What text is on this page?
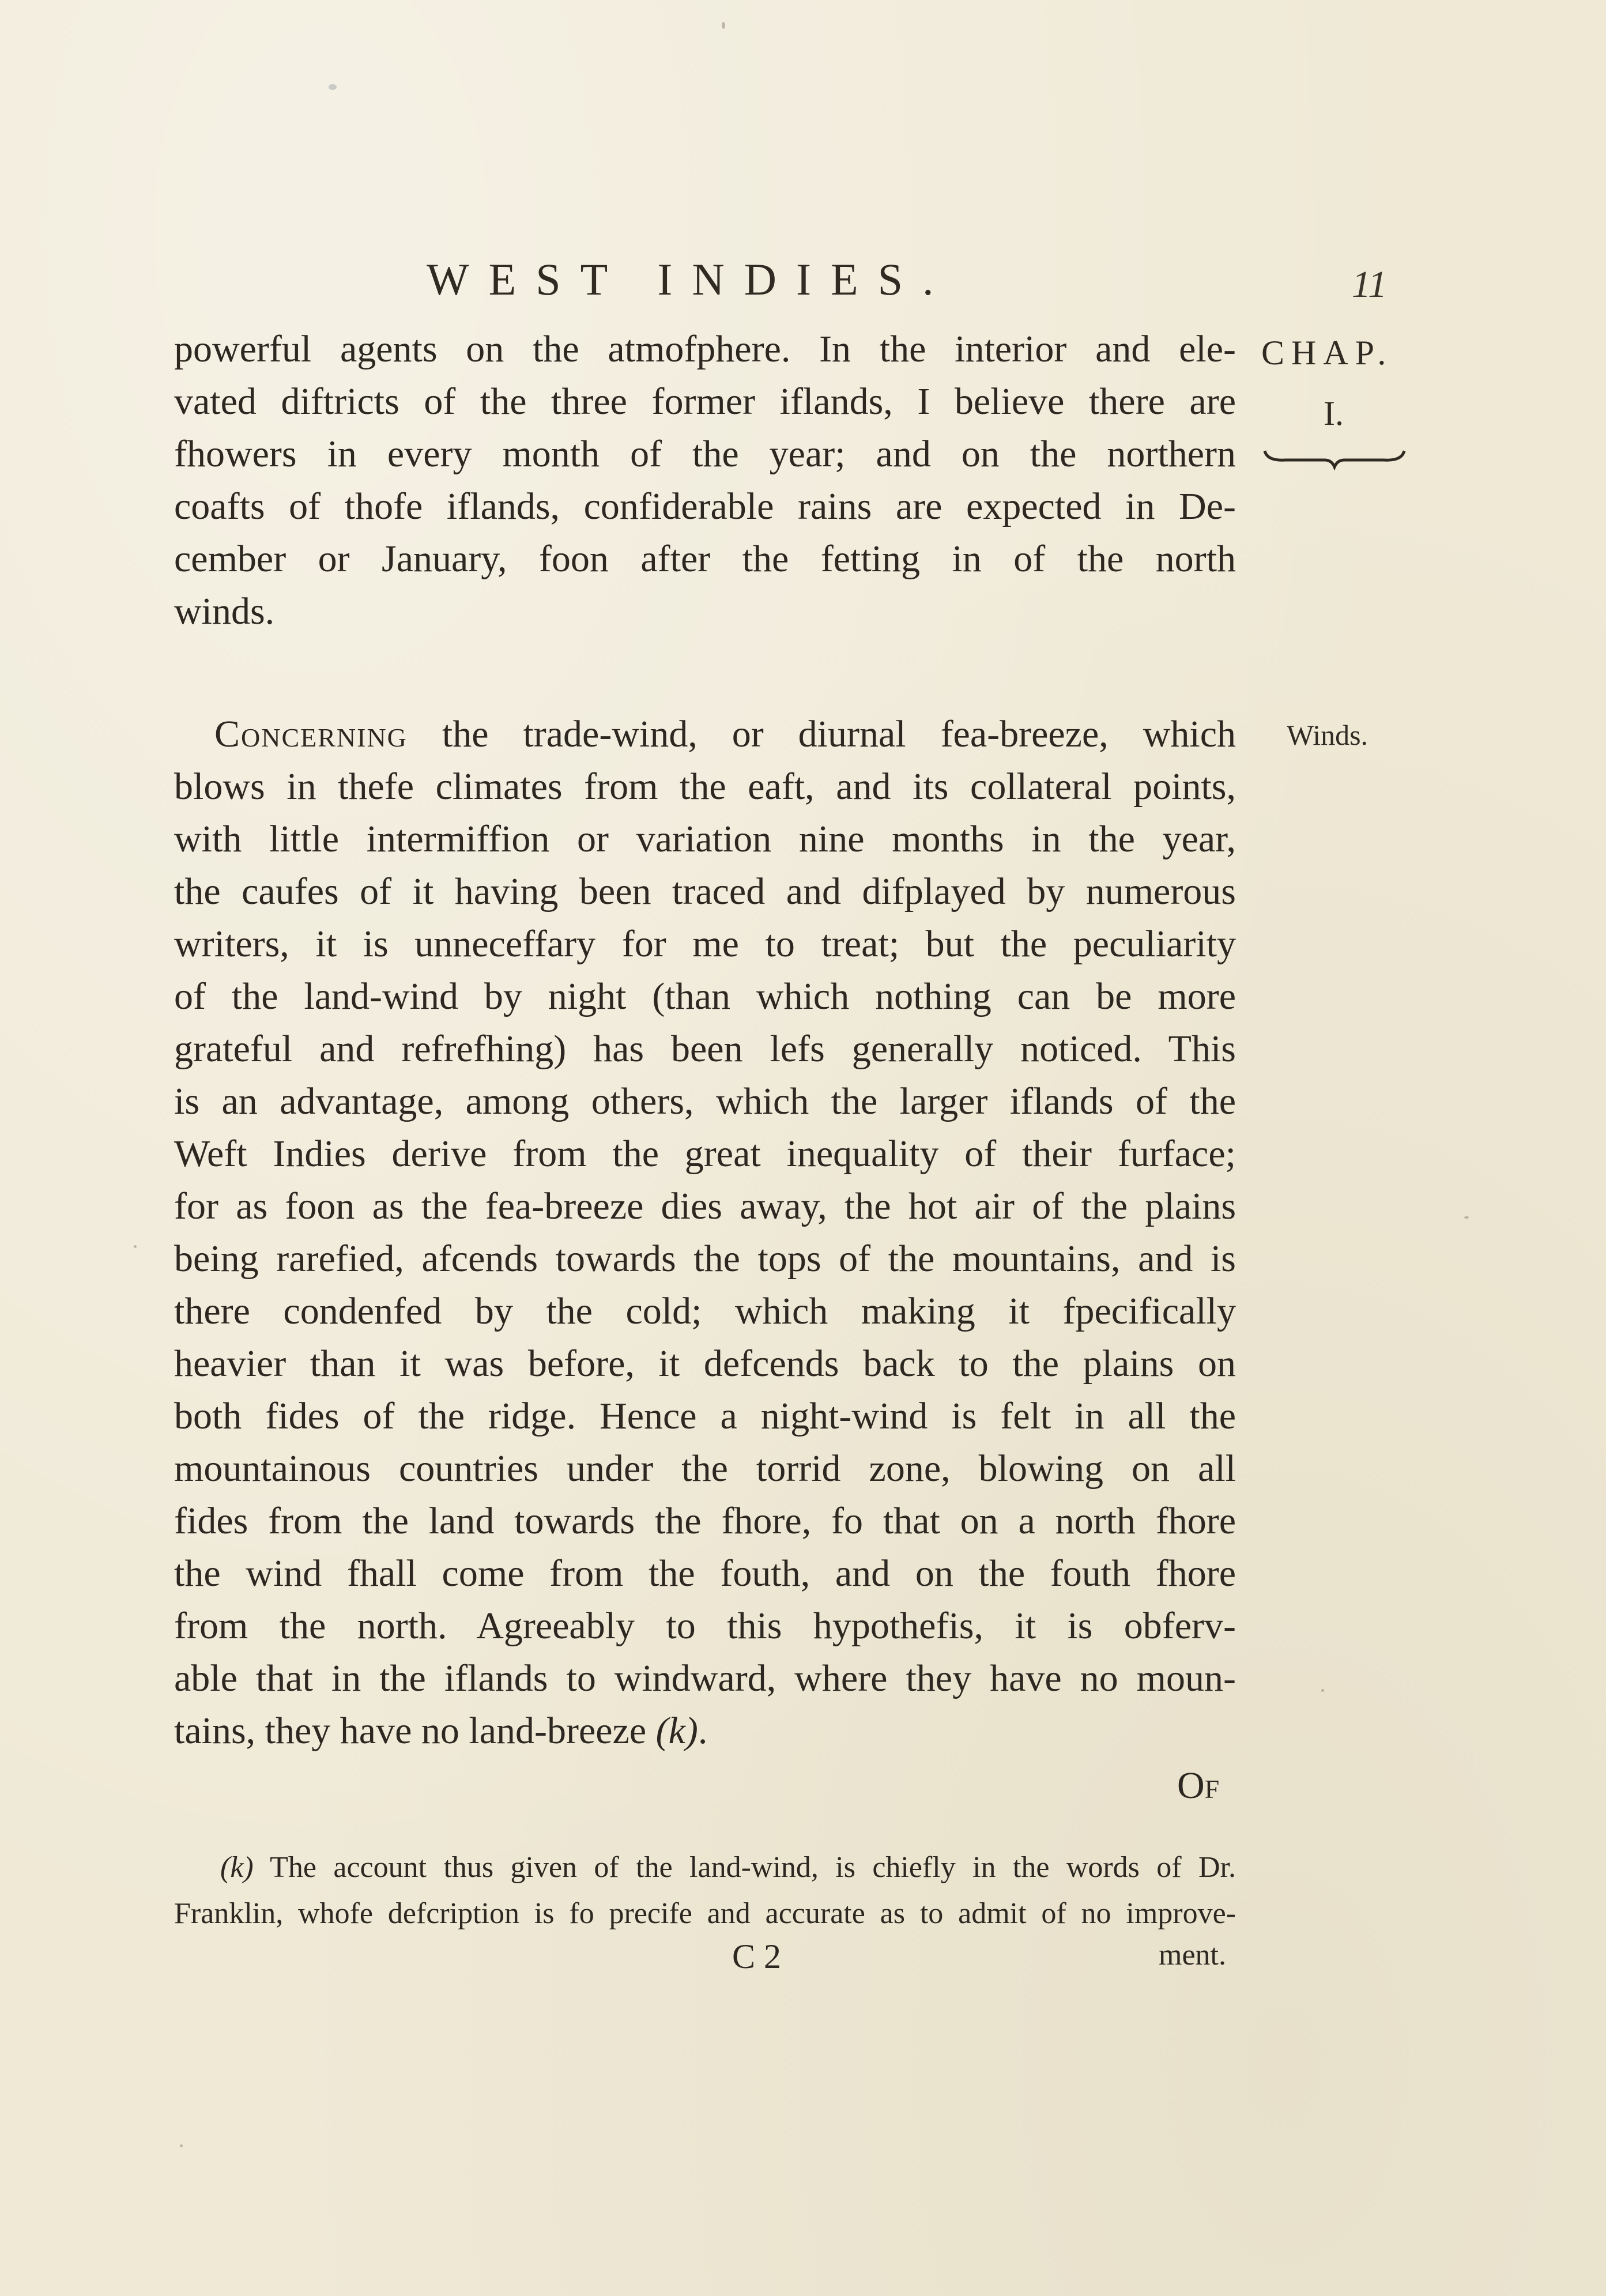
WEST INDIES.	11
CHAP.
I.
Winds.
powerful agents on the atmofphere. In the interior and ele-
vated diftricts of the three former iflands, I believe there are
fhowers in every month of the year; and on the northern
coafts of thofe iflands, confiderable rains are expected in De-
cember or January, foon after the fetting in of the north
winds.
Concerning the trade-wind, or diurnal fea-breeze, which
blows in thefe climates from the eaft, and its collateral points,
with little intermiffion or variation nine months in the year,
the caufes of it having been traced and difplayed by numerous
writers, it is unneceffary for me to treat; but the peculiarity
of the land-wind by night (than which nothing can be more
grateful and refrefhing) has been lefs generally noticed. This
is an advantage, among others, which the larger iflands of the
Weft Indies derive from the great inequality of their furface;
for as foon as the fea-breeze dies away, the hot air of the plains
being rarefied, afcends towards the tops of the mountains, and is
there condenfed by the cold; which making it fpecifically
heavier than it was before, it defcends back to the plains on
both fides of the ridge. Hence a night-wind is felt in all the
mountainous countries under the torrid zone, blowing on all
fides from the land towards the fhore, fo that on a north fhore
the wind fhall come from the fouth, and on the fouth fhore
from the north. Agreeably to this hypothefis, it is obferv-
able that in the iflands to windward, where they have no moun-
tains, they have no land-breeze (k).
Of
(k) The account thus given of the land-wind, is chiefly in the words of Dr.
Franklin, whofe defcription is fo precife and accurate as to admit of no improve-
C 2	ment.
